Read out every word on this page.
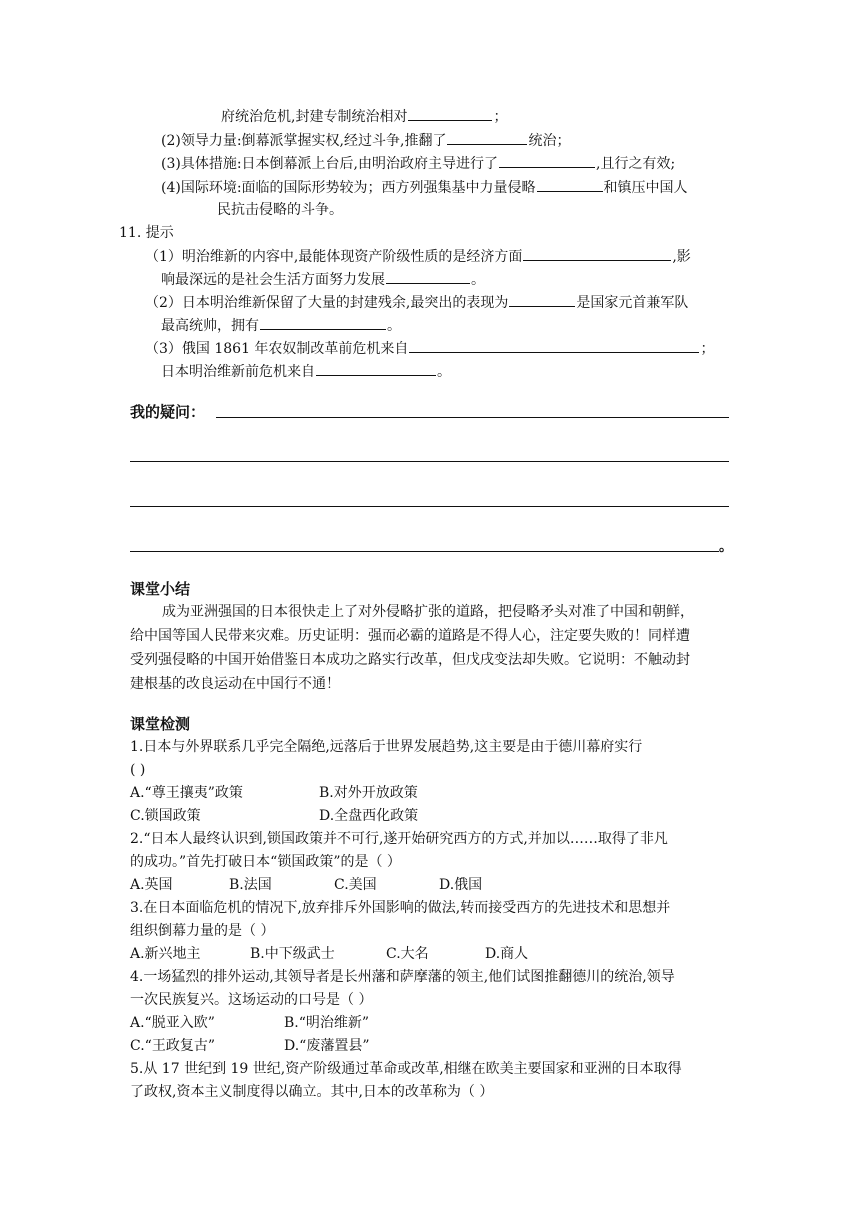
府统治危机,封建专制统治相对	；
(2)领导力量:倒幕派掌握实权,经过斗争,推翻了	统治；
(3)具体措施:日本倒幕派上台后,由明治政府主导进行了	,且行之有效;
(4)国际环境:面临的国际形势较为；西方列强集基中力量侵略	和镇压中国人
民抗击侵略的斗争。
11. 提示
（1）明治维新的内容中,最能体现资产阶级性质的是经济方面	,影
响最深远的是社会生活方面努力发展	。
（2）日本明治维新保留了大量的封建残余,最突出的表现为	是国家元首兼军队
最高统帅，拥有	。
（3）俄国 1861 年农奴制改革前危机来自	；
日本明治维新前危机来自	。
我的疑问：
。
课堂小结
成为亚洲强国的日本很快走上了对外侵略扩张的道路，把侵略矛头对准了中国和朝鲜，
给中国等国人民带来灾难。历史证明：强而必霸的道路是不得人心，注定要失败的！同样遭
受列强侵略的中国开始借鉴日本成功之路实行改革，但戊戌变法却失败。它说明：不触动封
建根基的改良运动在中国行不通！
课堂检测
1.日本与外界联系几乎完全隔绝,远落后于世界发展趋势,这主要是由于德川幕府实行
( )
A.“尊王攘夷”政策	B.对外开放政策
C.锁国政策	D.全盘西化政策
2.“日本人最终认识到,锁国政策并不可行,遂开始研究西方的方式,并加以……取得了非凡
的成功。”首先打破日本“锁国政策”的是（ ）
A.英国	B.法国	C.美国	D.俄国
3.在日本面临危机的情况下,放弃排斥外国影响的做法,转而接受西方的先进技术和思想并
组织倒幕力量的是（ ）
A.新兴地主	B.中下级武士	C.大名	D.商人
4.一场猛烈的排外运动,其领导者是长州藩和萨摩藩的领主,他们试图推翻德川的统治,领导
一次民族复兴。这场运动的口号是（ ）
A.“脱亚入欧”	B.“明治维新”
C.“王政复古”	D.“废藩置县”
5.从 17 世纪到 19 世纪,资产阶级通过革命或改革,相继在欧美主要国家和亚洲的日本取得
了政权,资本主义制度得以确立。其中,日本的改革称为（ ）
